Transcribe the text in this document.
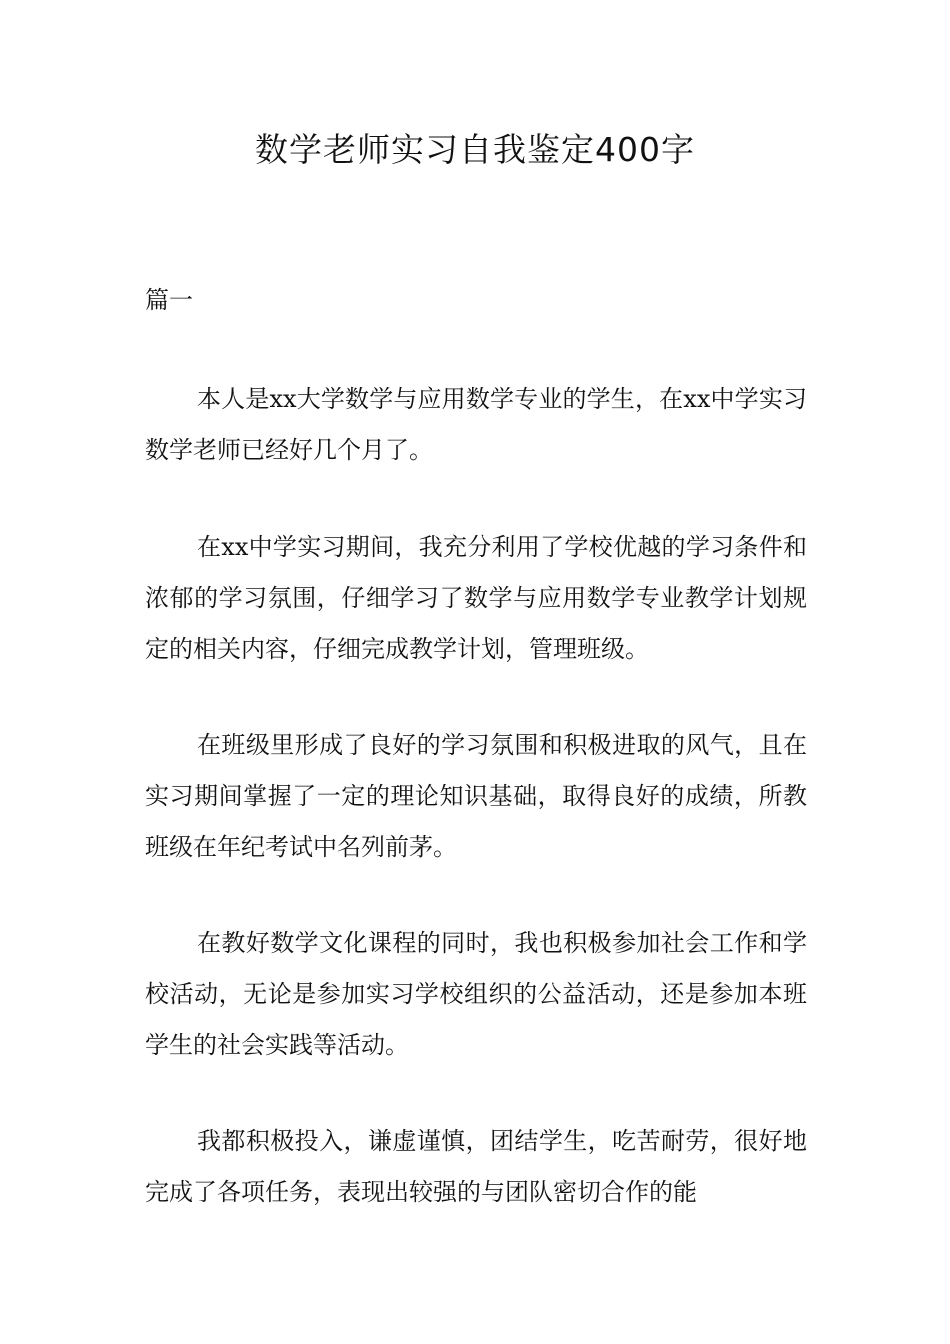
数学老师实习自我鉴定400字

篇一

本人是xx大学数学与应用数学专业的学生，在xx中学实习数学老师已经好几个月了。

在xx中学实习期间，我充分利用了学校优越的学习条件和浓郁的学习氛围，仔细学习了数学与应用数学专业教学计划规定的相关内容，仔细完成教学计划，管理班级。

在班级里形成了良好的学习氛围和积极进取的风气，且在实习期间掌握了一定的理论知识基础，取得良好的成绩，所教班级在年纪考试中名列前茅。

在教好数学文化课程的同时，我也积极参加社会工作和学校活动，无论是参加实习学校组织的公益活动，还是参加本班学生的社会实践等活动。

我都积极投入，谦虚谨慎，团结学生，吃苦耐劳，很好地完成了各项任务，表现出较强的与团队密切合作的能
